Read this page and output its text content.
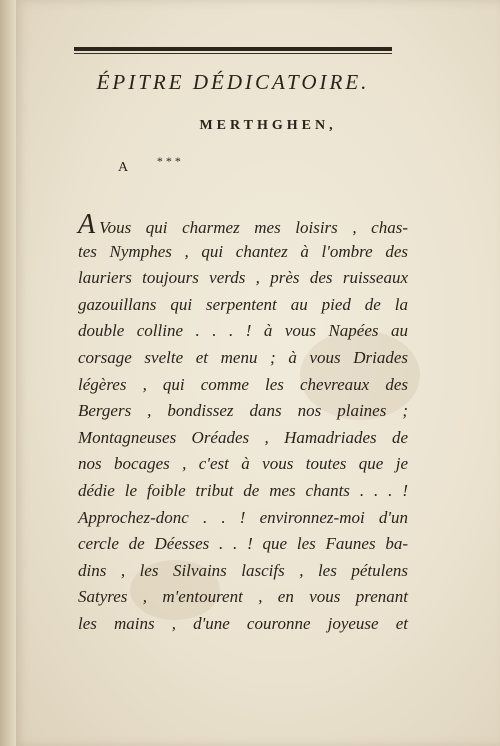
ÉPITRE DÉDICATOIRE.
MERTHGHEN,
A ***
A Vous qui charmez mes loisirs , chas-
tes Nymphes , qui chantez à l'ombre des
lauriers toujours verds , près des ruisseaux
gazouillans qui serpentent au pied de la
double colline . . . ! à vous Napées au
corsage svelte et menu ; à vous Driades
légères , qui comme les chevreaux des
Bergers , bondissez dans nos plaines ;
Montagneuses Oréades , Hamadriades de
nos bocages , c'est à vous toutes que je
dédie le foible tribut de mes chants . . . !
Approchez-donc . . ! environnez-moi d'un
cercle de Déesses . . ! que les Faunes ba-
dins , les Silvains lascifs , les pétulens
Satyres , m'entourent , en vous prenant
les mains , d'une couronne joyeuse et
